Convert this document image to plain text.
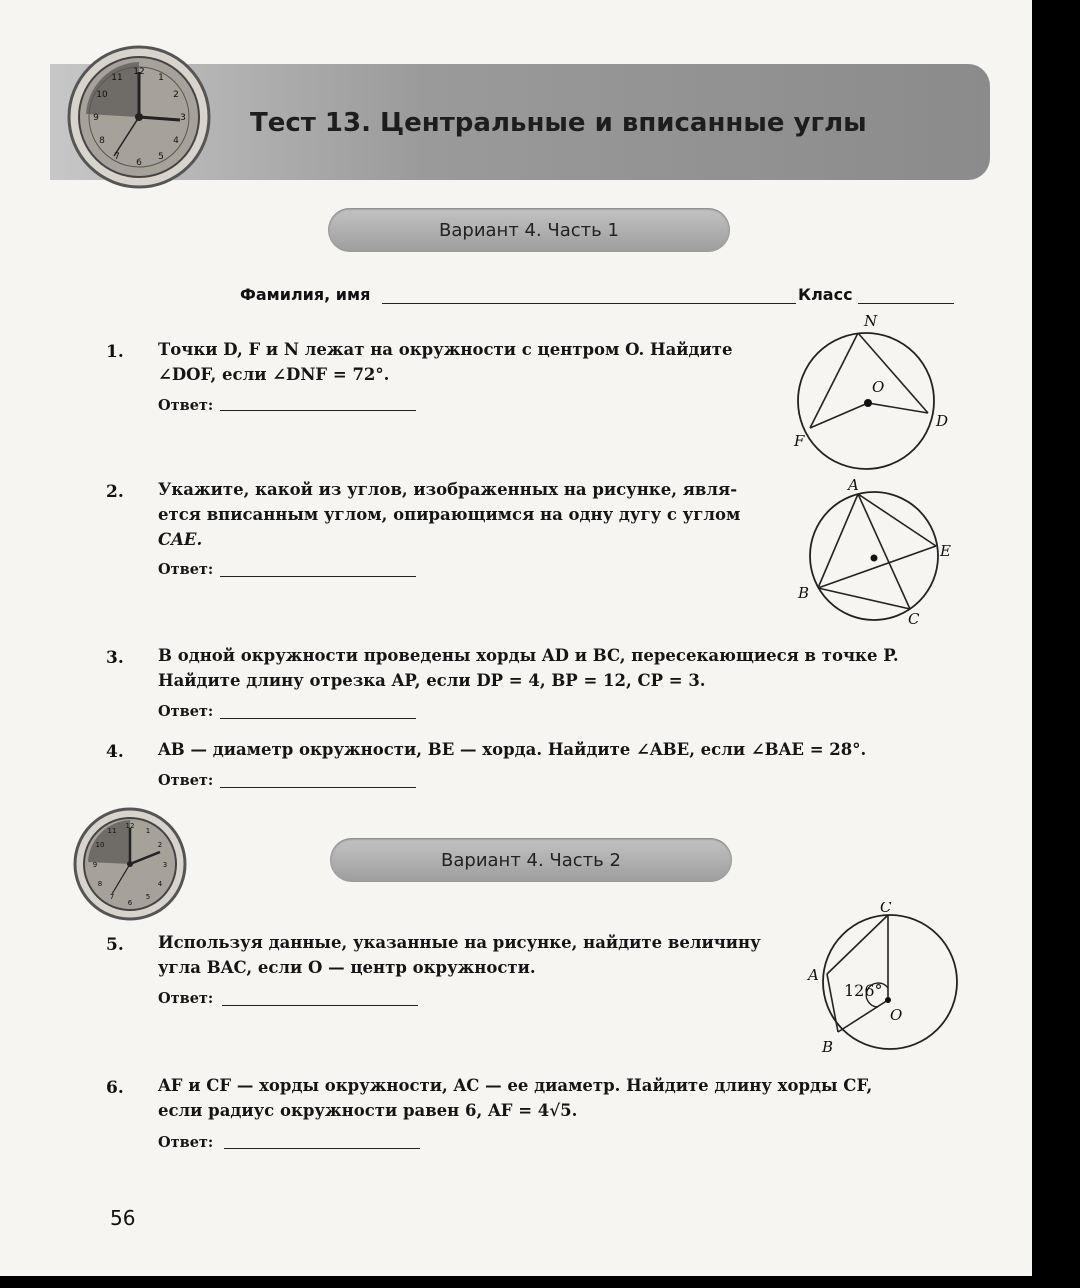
12
1
2
3
4
5
6
7
8
9
10
11
Тест 13. Центральные и вписанные углы
Вариант 4. Часть 1
Фамилия, имя	Класс
1. Точки D, F и N лежат на окружности с центром O. Найдите
∠DOF, если ∠DNF = 72°.
Ответ:
N
O
D
F
2. Укажите, какой из углов, изображенных на рисунке, явля-
ется вписанным углом, опирающимся на одну дугу с углом
CAE.
Ответ:
A
E
B
C
3. В одной окружности проведены хорды AD и BC, пересекающиеся в точке P.
Найдите длину отрезка AP, если DP = 4, BP = 12, CP = 3.
Ответ:
4. AB — диаметр окружности, BE — хорда. Найдите ∠ABE, если ∠BAE = 28°.
Ответ:
12
1
2
3
4
5
6
7
8
9
10
11
Вариант 4. Часть 2
5. Используя данные, указанные на рисунке, найдите величину
угла BAC, если O — центр окружности.
Ответ:
C
A
O
B
126°
6. AF и CF — хорды окружности, AC — ее диаметр. Найдите длину хорды CF,
если радиус окружности равен 6, AF = 4√5.
Ответ:
56
